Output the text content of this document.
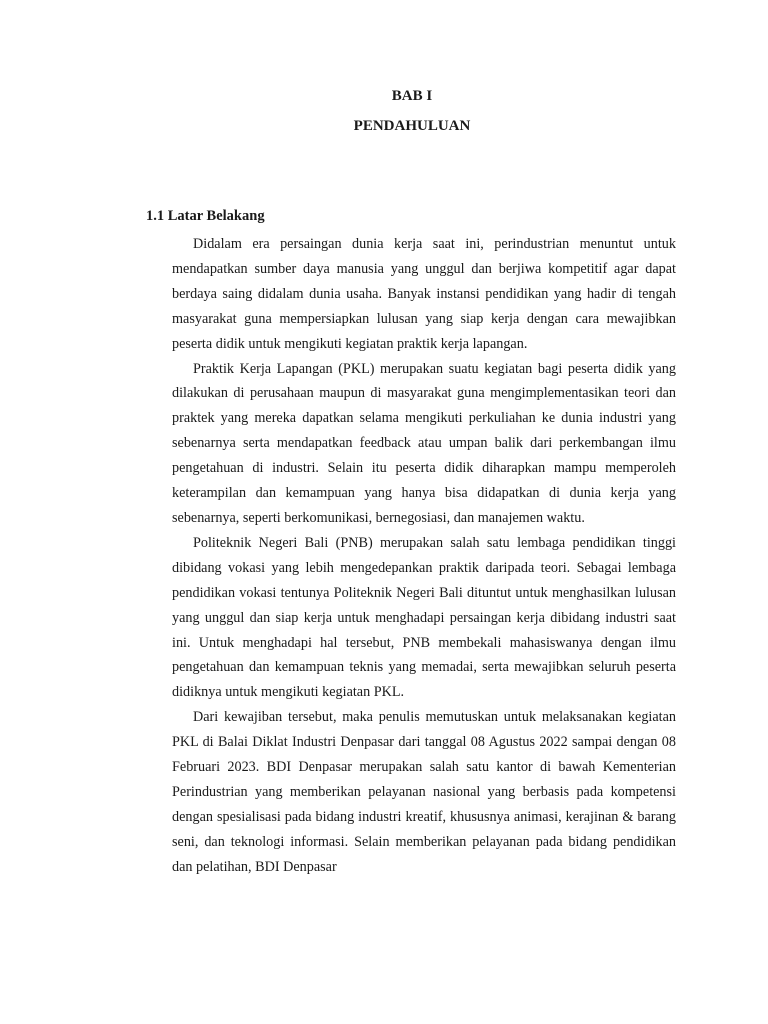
BAB I
PENDAHULUAN
1.1 Latar Belakang

Didalam era persaingan dunia kerja saat ini, perindustrian menuntut untuk mendapatkan sumber daya manusia yang unggul dan berjiwa kompetitif agar dapat berdaya saing didalam dunia usaha. Banyak instansi pendidikan yang hadir di tengah masyarakat guna mempersiapkan lulusan yang siap kerja dengan cara mewajibkan peserta didik untuk mengikuti kegiatan praktik kerja lapangan.

Praktik Kerja Lapangan (PKL) merupakan suatu kegiatan bagi peserta didik yang dilakukan di perusahaan maupun di masyarakat guna mengimplementasikan teori dan praktek yang mereka dapatkan selama mengikuti perkuliahan ke dunia industri yang sebenarnya serta mendapatkan feedback atau umpan balik dari perkembangan ilmu pengetahuan di industri. Selain itu peserta didik diharapkan mampu memperoleh keterampilan dan kemampuan yang hanya bisa didapatkan di dunia kerja yang sebenarnya, seperti berkomunikasi, bernegosiasi, dan manajemen waktu.

Politeknik Negeri Bali (PNB) merupakan salah satu lembaga pendidikan tinggi dibidang vokasi yang lebih mengedepankan praktik daripada teori. Sebagai lembaga pendidikan vokasi tentunya Politeknik Negeri Bali dituntut untuk menghasilkan lulusan yang unggul dan siap kerja untuk menghadapi persaingan kerja dibidang industri saat ini. Untuk menghadapi hal tersebut, PNB membekali mahasiswanya dengan ilmu pengetahuan dan kemampuan teknis yang memadai, serta mewajibkan seluruh peserta didiknya untuk mengikuti kegiatan PKL.

Dari kewajiban tersebut, maka penulis memutuskan untuk melaksanakan kegiatan PKL di Balai Diklat Industri Denpasar dari tanggal 08 Agustus 2022 sampai dengan 08 Februari 2023. BDI Denpasar merupakan salah satu kantor di bawah Kementerian Perindustrian yang memberikan pelayanan nasional yang berbasis pada kompetensi dengan spesialisasi pada bidang industri kreatif, khususnya animasi, kerajinan & barang seni, dan teknologi informasi. Selain memberikan pelayanan pada bidang pendidikan dan pelatihan, BDI Denpasar
